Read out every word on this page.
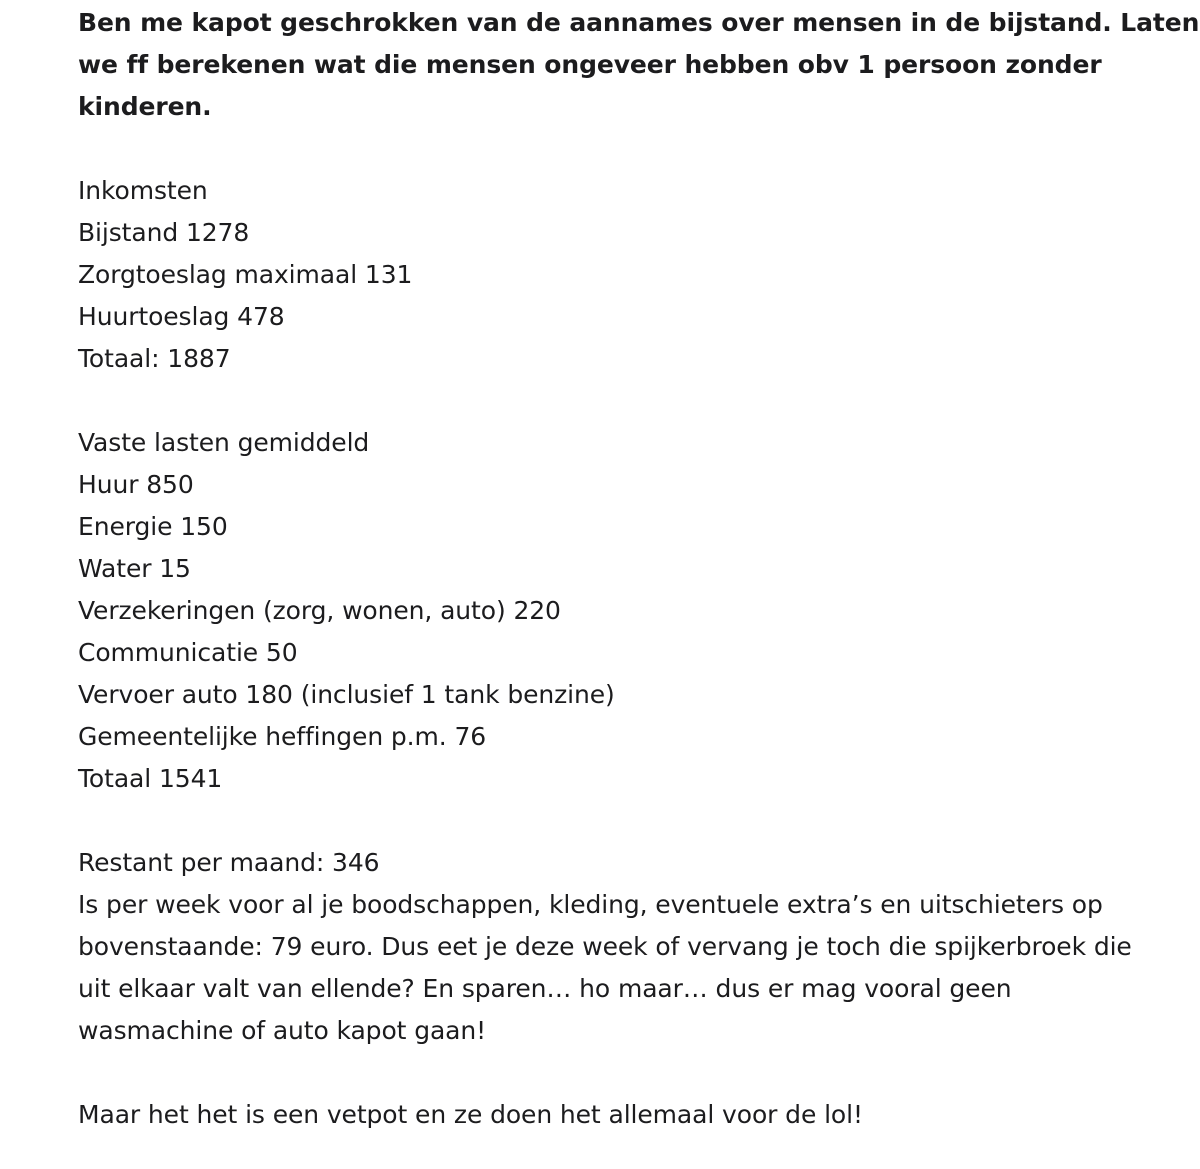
Ben me kapot geschrokken van de aannames over mensen in de bijstand. Laten
we ff berekenen wat die mensen ongeveer hebben obv 1 persoon zonder
kinderen.
Inkomsten
Bijstand 1278
Zorgtoeslag maximaal 131
Huurtoeslag 478
Totaal: 1887
Vaste lasten gemiddeld
Huur 850
Energie 150
Water 15
Verzekeringen (zorg, wonen, auto) 220
Communicatie 50
Vervoer auto 180 (inclusief 1 tank benzine)
Gemeentelijke heffingen p.m. 76
Totaal 1541
Restant per maand: 346
Is per week voor al je boodschappen, kleding, eventuele extra’s en uitschieters op
bovenstaande: 79 euro. Dus eet je deze week of vervang je toch die spijkerbroek die
uit elkaar valt van ellende? En sparen… ho maar… dus er mag vooral geen
wasmachine of auto kapot gaan!
Maar het het is een vetpot en ze doen het allemaal voor de lol!
